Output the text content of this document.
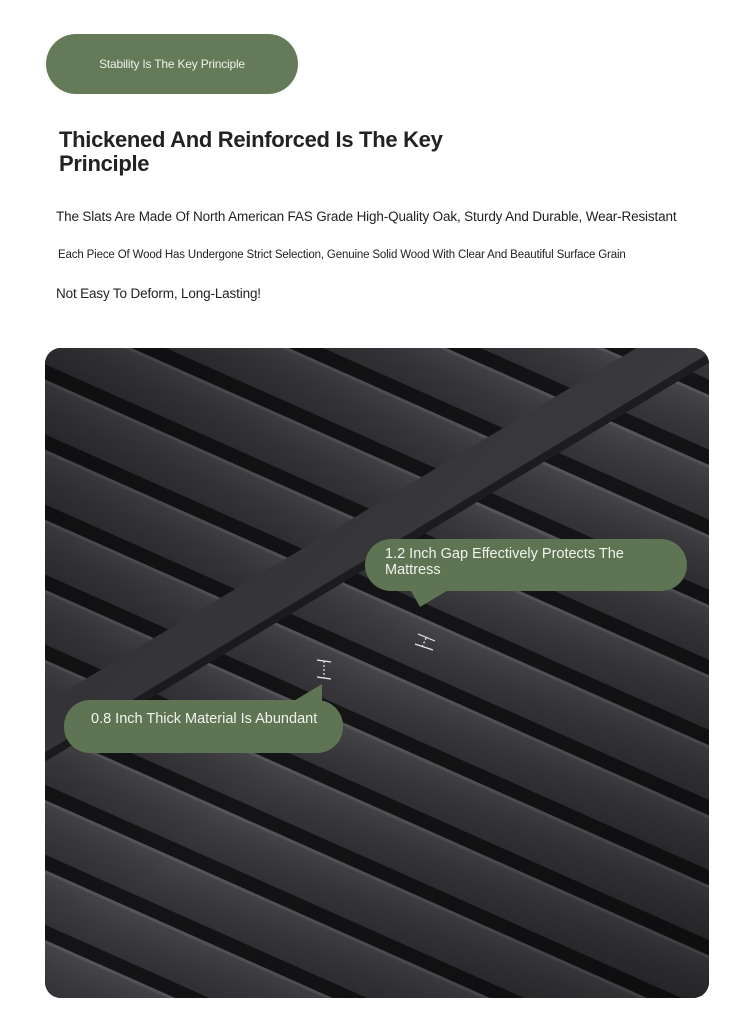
Stability Is The Key Principle
Thickened And Reinforced Is The Key Principle
The Slats Are Made Of North American FAS Grade High-Quality Oak, Sturdy And Durable, Wear-Resistant
Each Piece Of Wood Has Undergone Strict Selection, Genuine Solid Wood With Clear And Beautiful Surface Grain
Not Easy To Deform, Long-Lasting!
1.2 Inch Gap Effectively Protects The Mattress
0.8 Inch Thick Material Is Abundant
